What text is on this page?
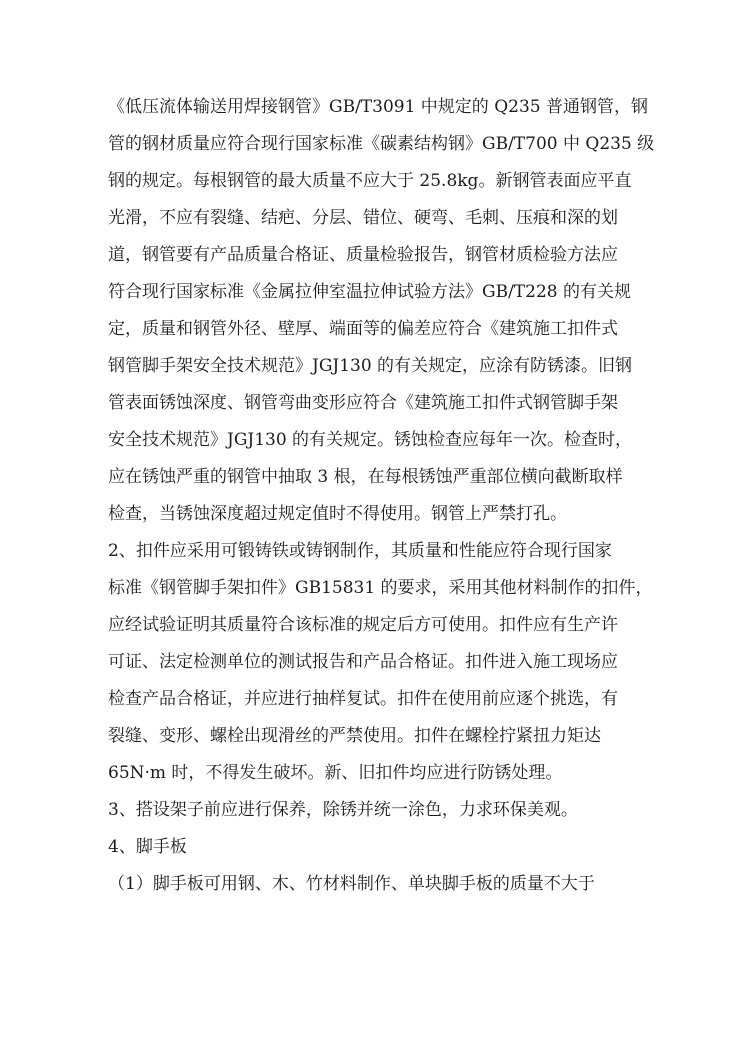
《低压流体输送用焊接钢管》GB/T3091 中规定的 Q235 普通钢管，钢
管的钢材质量应符合现行国家标准《碳素结构钢》GB/T700 中 Q235 级
钢的规定。每根钢管的最大质量不应大于 25.8kg。新钢管表面应平直
光滑，不应有裂缝、结疤、分层、错位、硬弯、毛刺、压痕和深的划
道，钢管要有产品质量合格证、质量检验报告，钢管材质检验方法应
符合现行国家标准《金属拉伸室温拉伸试验方法》GB/T228 的有关规
定，质量和钢管外径、壁厚、端面等的偏差应符合《建筑施工扣件式
钢管脚手架安全技术规范》JGJ130 的有关规定，应涂有防锈漆。旧钢
管表面锈蚀深度、钢管弯曲变形应符合《建筑施工扣件式钢管脚手架
安全技术规范》JGJ130 的有关规定。锈蚀检查应每年一次。检查时，
应在锈蚀严重的钢管中抽取 3 根，在每根锈蚀严重部位横向截断取样
检查，当锈蚀深度超过规定值时不得使用。钢管上严禁打孔。
2、扣件应采用可锻铸铁或铸钢制作，其质量和性能应符合现行国家
标准《钢管脚手架扣件》GB15831 的要求，采用其他材料制作的扣件，
应经试验证明其质量符合该标准的规定后方可使用。扣件应有生产许
可证、法定检测单位的测试报告和产品合格证。扣件进入施工现场应
检查产品合格证，并应进行抽样复试。扣件在使用前应逐个挑选，有
裂缝、变形、螺栓出现滑丝的严禁使用。扣件在螺栓拧紧扭力矩达
65N·m 时，不得发生破坏。新、旧扣件均应进行防锈处理。
3、搭设架子前应进行保养，除锈并统一涂色，力求环保美观。
4、脚手板
（1）脚手板可用钢、木、竹材料制作、单块脚手板的质量不大于
